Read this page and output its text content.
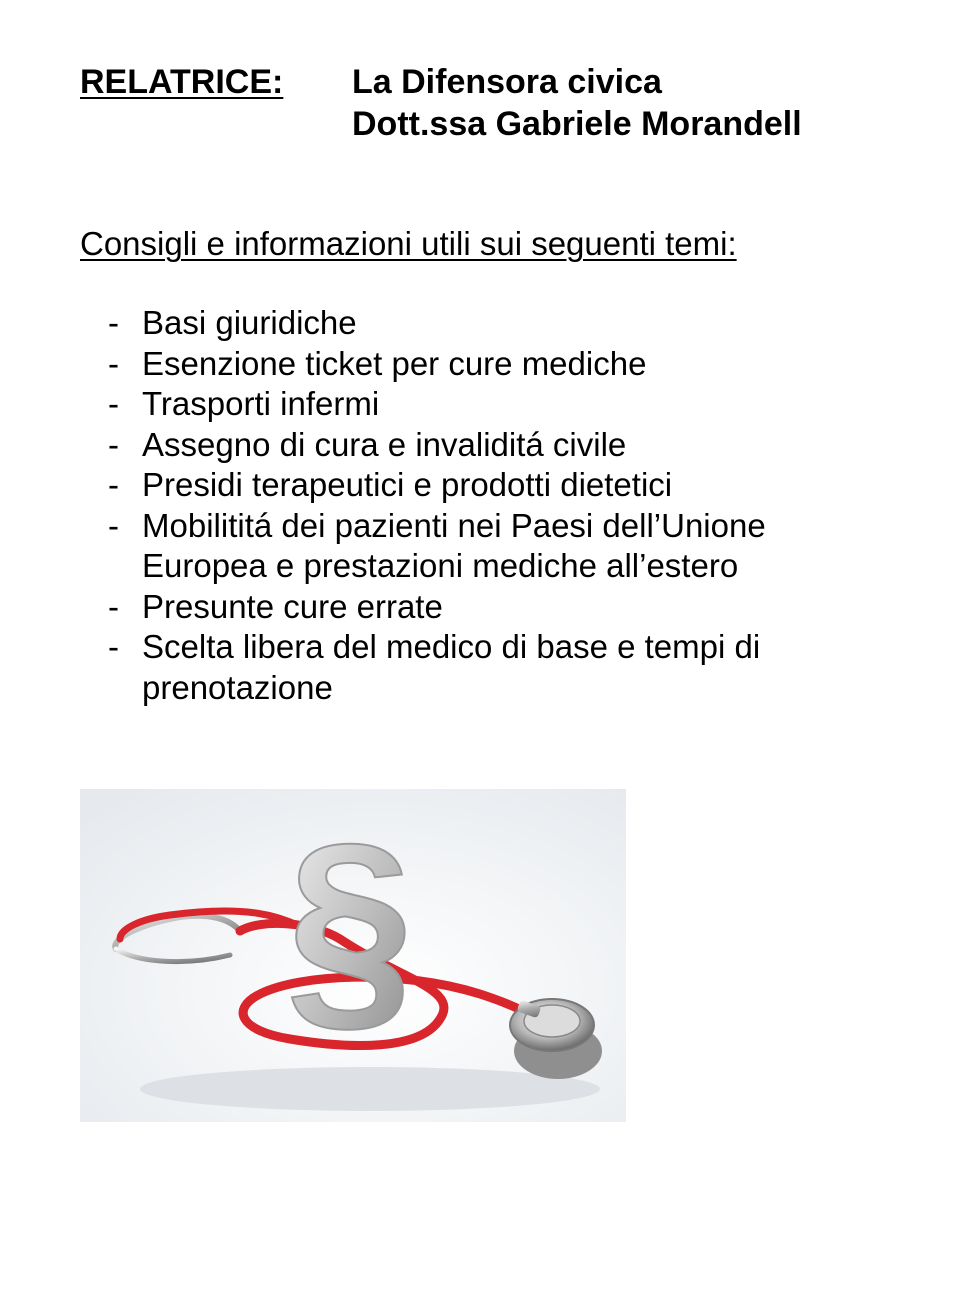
RELATRICE: La Difensora civica
Dott.ssa Gabriele Morandell
Consigli e informazioni utili sui seguenti temi:
- Basi giuridiche
- Esenzione ticket per cure mediche
- Trasporti infermi
- Assegno di cura e invaliditá civile
- Presidi terapeutici e prodotti dietetici
- Mobilititá dei pazienti nei Paesi dell’Unione Europea e prestazioni mediche all’estero
- Presunte cure errate
- Scelta libera del medico di base e tempi di prenotazione
§
